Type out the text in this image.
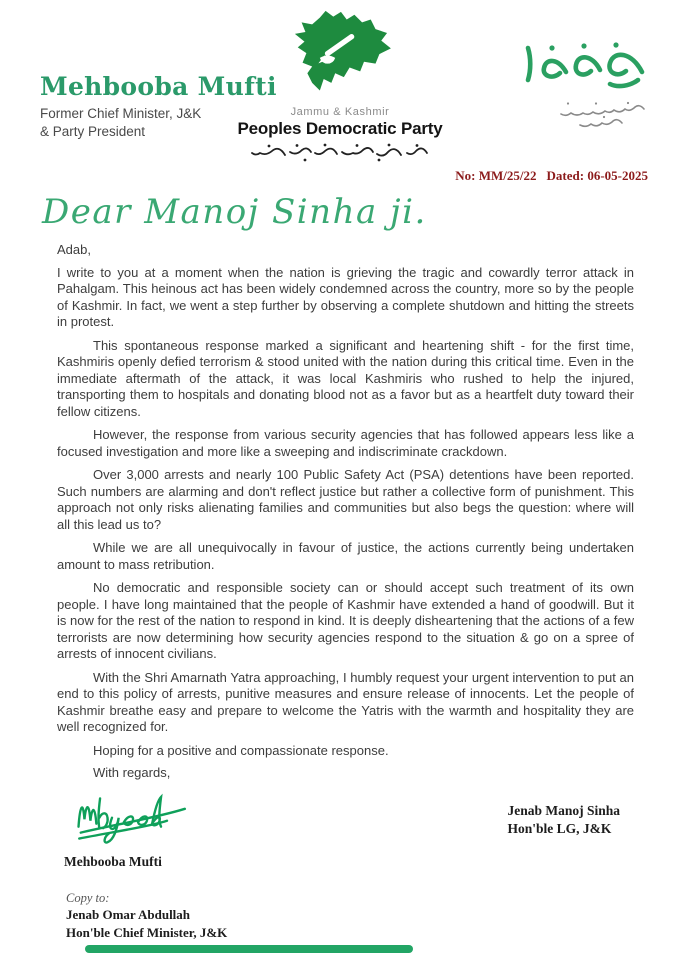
Mehbooba Mufti
Former Chief Minister, J&K
& Party President
Jammu & Kashmir
Peoples Democratic Party
No: MM/25/22 Dated: 06-05-2025
Dear Manoj Sinha ji.

Adab,

I write to you at a moment when the nation is grieving the tragic and cowardly terror attack in Pahalgam. This heinous act has been widely condemned across the country, more so by the people of Kashmir. In fact, we went a step further by observing a complete shutdown and hitting the streets in protest.

This spontaneous response marked a significant and heartening shift - for the first time, Kashmiris openly defied terrorism & stood united with the nation during this critical time. Even in the immediate aftermath of the attack, it was local Kashmiris who rushed to help the injured, transporting them to hospitals and donating blood not as a favor but as a heartfelt duty toward their fellow citizens.

However, the response from various security agencies that has followed appears less like a focused investigation and more like a sweeping and indiscriminate crackdown.

Over 3,000 arrests and nearly 100 Public Safety Act (PSA) detentions have been reported. Such numbers are alarming and don't reflect justice but rather a collective form of punishment. This approach not only risks alienating families and communities but also begs the question: where will all this lead us to?

While we are all unequivocally in favour of justice, the actions currently being undertaken amount to mass retribution.

No democratic and responsible society can or should accept such treatment of its own people. I have long maintained that the people of Kashmir have extended a hand of goodwill. But it is now for the rest of the nation to respond in kind. It is deeply disheartening that the actions of a few terrorists are now determining how security agencies respond to the situation & go on a spree of arrests of innocent civilians.

With the Shri Amarnath Yatra approaching, I humbly request your urgent intervention to put an end to this policy of arrests, punitive measures and ensure release of innocents. Let the people of Kashmir breathe easy and prepare to welcome the Yatris with the warmth and hospitality they are well recognized for.

Hoping for a positive and compassionate response.

With regards,

Mehbooba Mufti
Jenab Manoj Sinha
Hon'ble LG, J&K
Copy to:
Jenab Omar Abdullah
Hon'ble Chief Minister, J&K
